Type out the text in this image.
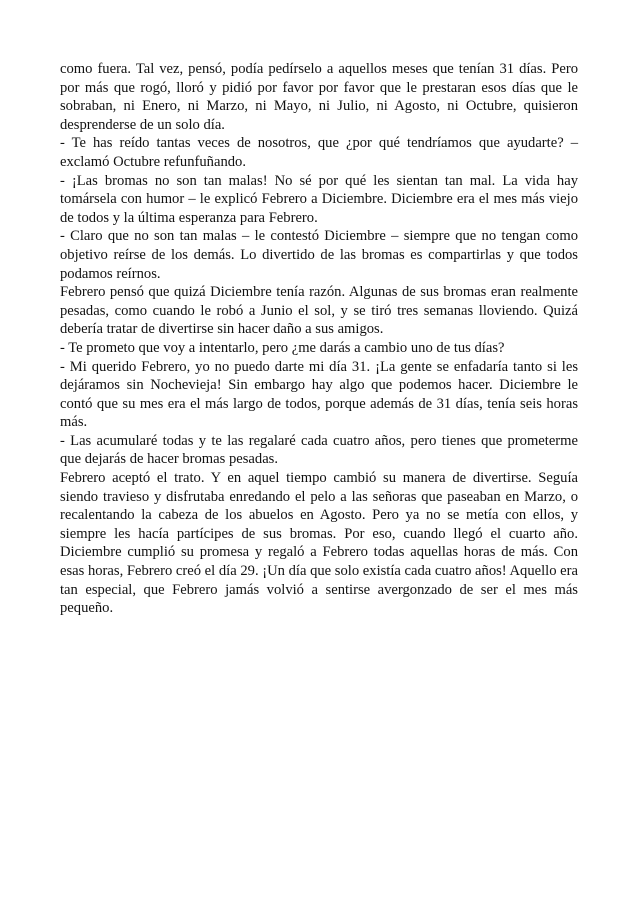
como fuera. Tal vez, pensó, podía pedírselo a aquellos meses que tenían 31 días. Pero por más que rogó, lloró y pidió por favor por favor que le prestaran esos días que le sobraban, ni Enero, ni Marzo, ni Mayo, ni Julio, ni Agosto, ni Octubre, quisieron desprenderse de un solo día.

- Te has reído tantas veces de nosotros, que ¿por qué tendríamos que ayudarte? – exclamó Octubre refunfuñando.

- ¡Las bromas no son tan malas! No sé por qué les sientan tan mal. La vida hay tomársela con humor – le explicó Febrero a Diciembre. Diciembre era el mes más viejo de todos y la última esperanza para Febrero.

- Claro que no son tan malas – le contestó Diciembre – siempre que no tengan como objetivo reírse de los demás. Lo divertido de las bromas es compartirlas y que todos podamos reírnos.

Febrero pensó que quizá Diciembre tenía razón. Algunas de sus bromas eran realmente pesadas, como cuando le robó a Junio el sol, y se tiró tres semanas lloviendo. Quizá debería tratar de divertirse sin hacer daño a sus amigos.

- Te prometo que voy a intentarlo, pero ¿me darás a cambio uno de tus días?

- Mi querido Febrero, yo no puedo darte mi día 31. ¡La gente se enfadaría tanto si les dejáramos sin Nochevieja! Sin embargo hay algo que podemos hacer. Diciembre le contó que su mes era el más largo de todos, porque además de 31 días, tenía seis horas más.

- Las acumularé todas y te las regalaré cada cuatro años, pero tienes que prometerme que dejarás de hacer bromas pesadas.

Febrero aceptó el trato. Y en aquel tiempo cambió su manera de divertirse. Seguía siendo travieso y disfrutaba enredando el pelo a las señoras que paseaban en Marzo, o recalentando la cabeza de los abuelos en Agosto. Pero ya no se metía con ellos, y siempre les hacía partícipes de sus bromas. Por eso, cuando llegó el cuarto año. Diciembre cumplió su promesa y regaló a Febrero todas aquellas horas de más. Con esas horas, Febrero creó el día 29. ¡Un día que solo existía cada cuatro años! Aquello era tan especial, que Febrero jamás volvió a sentirse avergonzado de ser el mes más pequeño.
